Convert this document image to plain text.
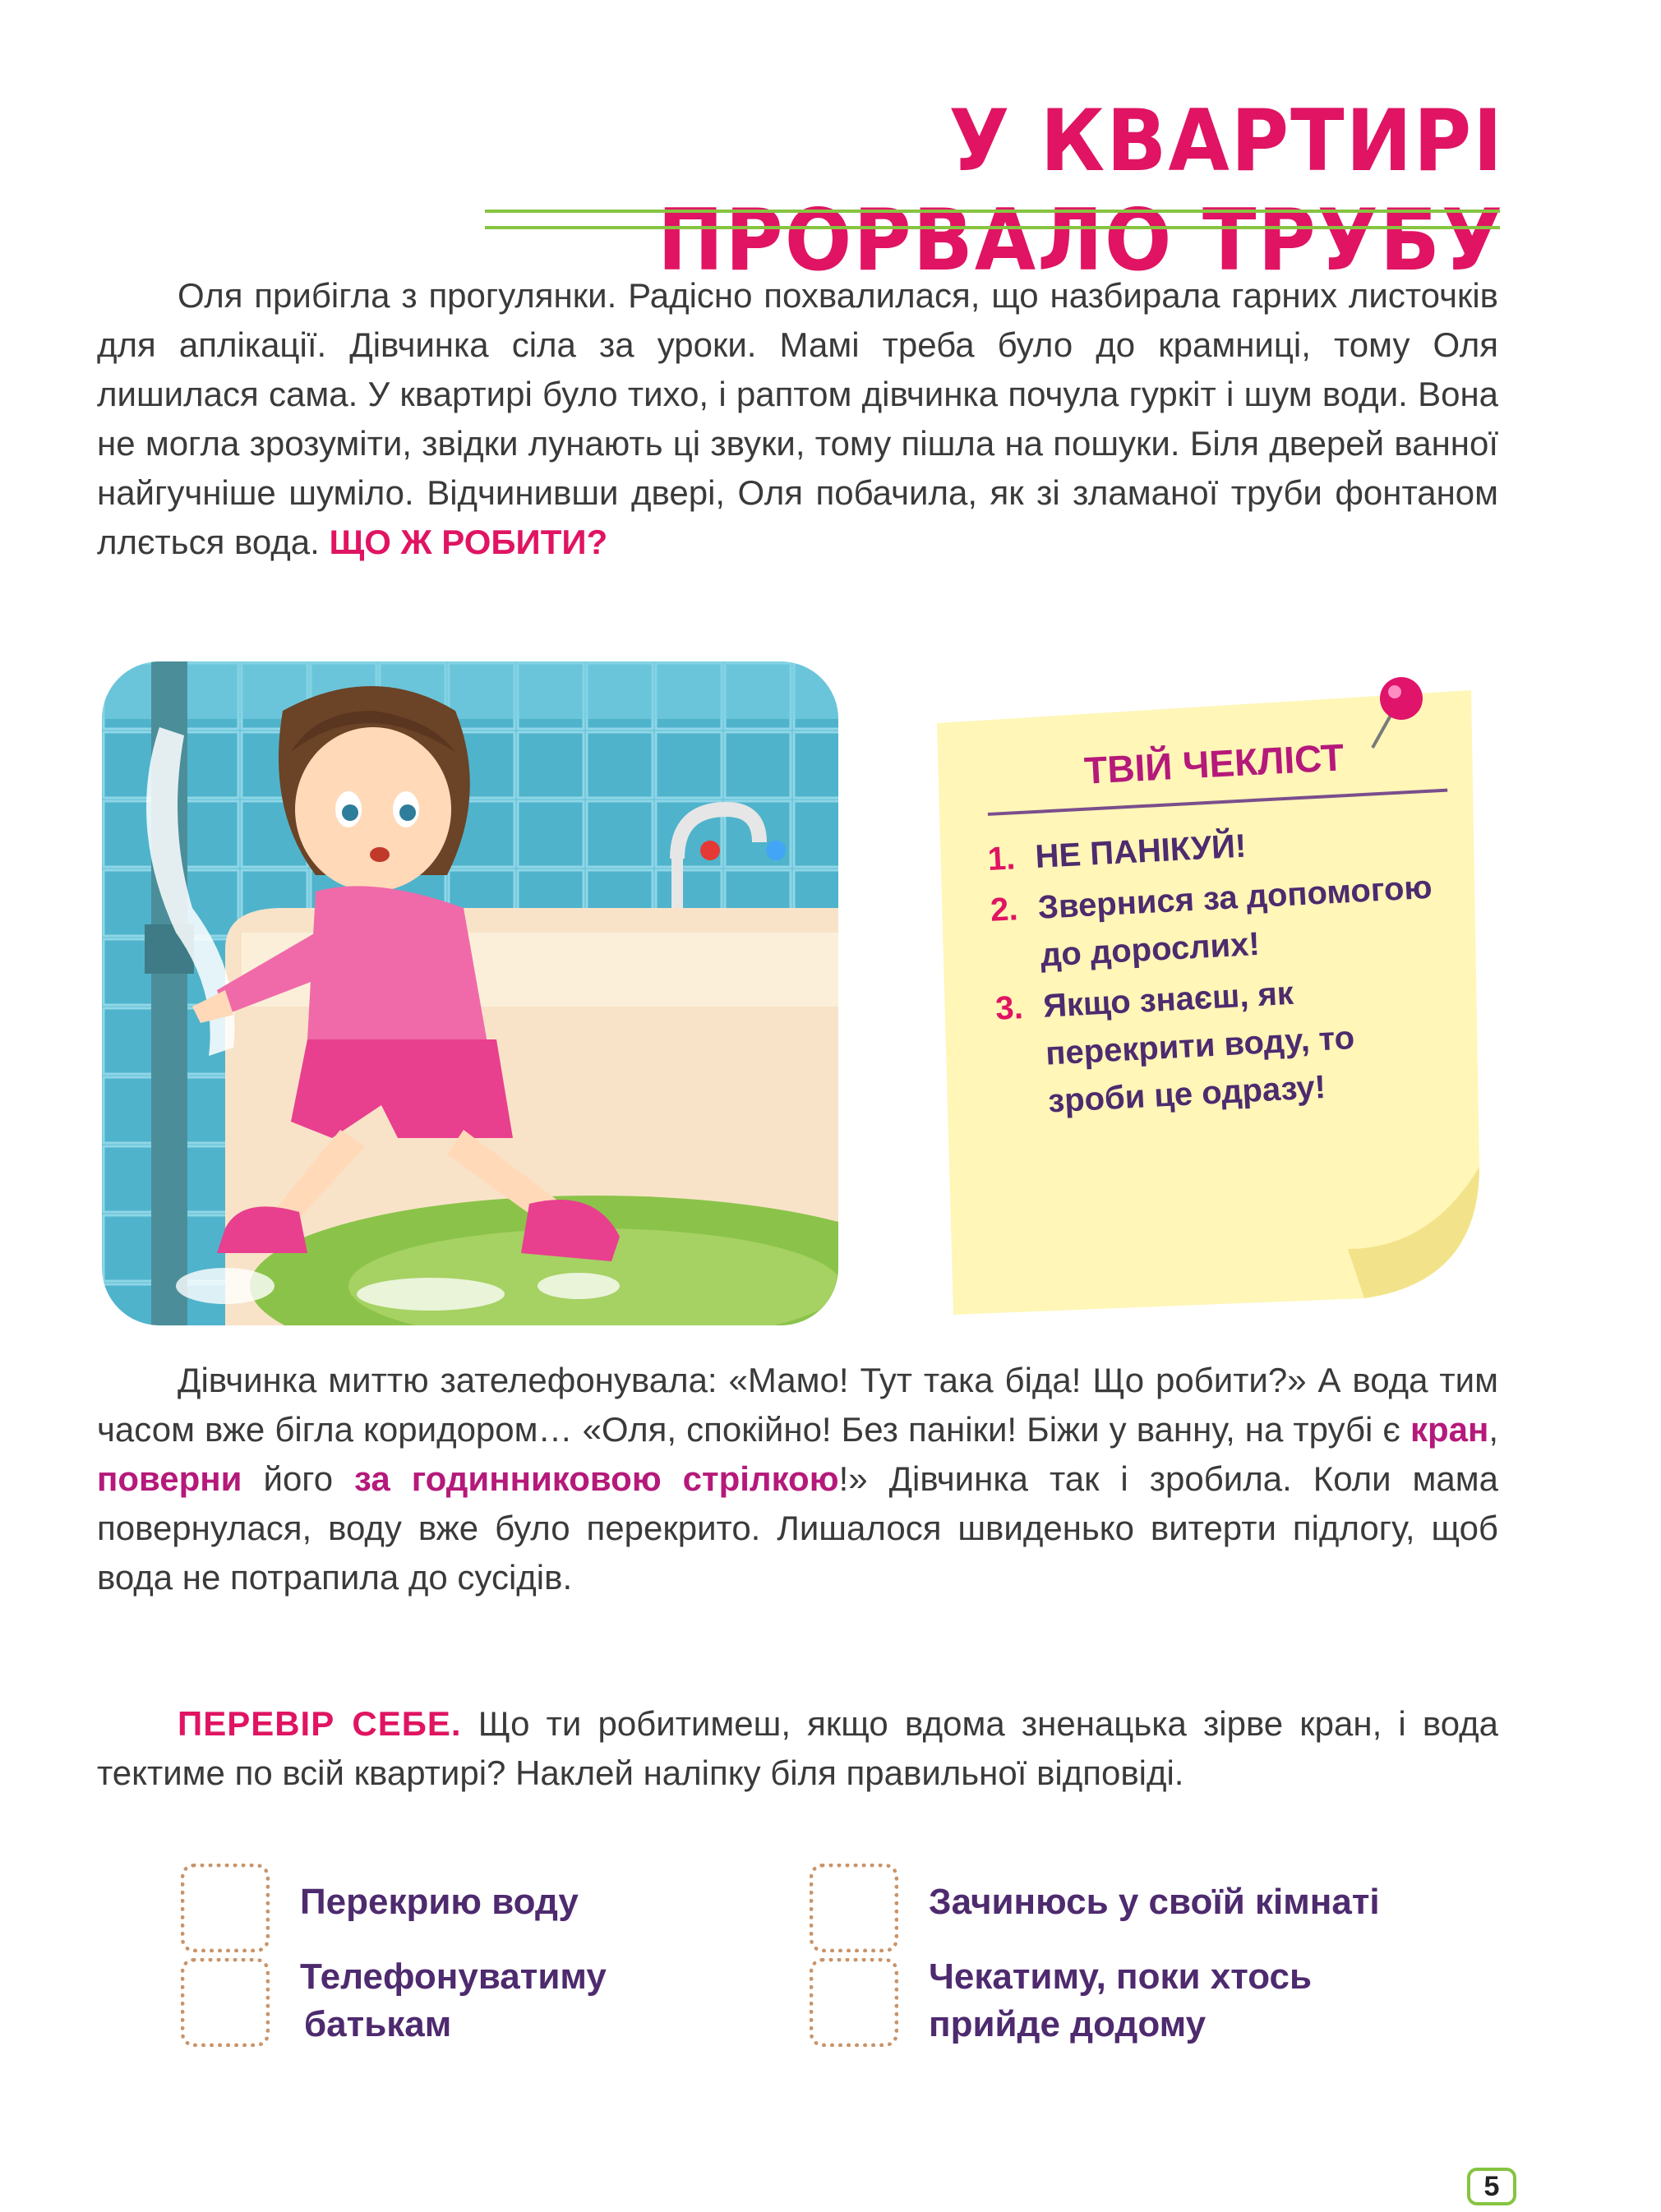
У КВАРТИРІ ПРОРВАЛО ТРУБУ

Оля прибігла з прогулянки. Радісно похвалилася, що назбирала гарних листочків для аплікації. Дівчинка сіла за уроки. Мамі треба було до крамниці, тому Оля лишилася сама. У квартирі було тихо, і раптом дівчинка почула гуркіт і шум води. Вона не могла зрозуміти, звідки лунають ці звуки, тому пішла на пошуки. Біля дверей ванної найгучніше шуміло. Відчинивши двері, Оля побачила, як зі зламаної труби фонтаном ллється вода. ЩО Ж РОБИТИ?

ТВІЙ ЧЕКЛІСТ
1. НЕ ПАНІКУЙ!
2. Звернися за допомогою до дорослих!
3. Якщо знаєш, як перекрити воду, то зроби це одразу!

Дівчинка миттю зателефонувала: «Мамо! Тут така біда! Що робити?» А вода тим часом вже бігла коридором… «Оля, спокійно! Без паніки! Біжи у ванну, на трубі є кран, поверни його за годинниковою стрілкою!» Дівчинка так і зробила. Коли мама повернулася, воду вже було перекрито. Лишалося швиденько витерти підлогу, щоб вода не потрапила до сусідів.

ПЕРЕВІР СЕБЕ. Що ти робитимеш, якщо вдома зненацька зірве кран, і вода тектиме по всій квартирі? Наклей наліпку біля правильної відповіді.

Перекрию воду	Зачинюсь у своїй кімнаті
Телефонуватиму
батькам
Чекатиму, поки хтось
прийде додому
5
